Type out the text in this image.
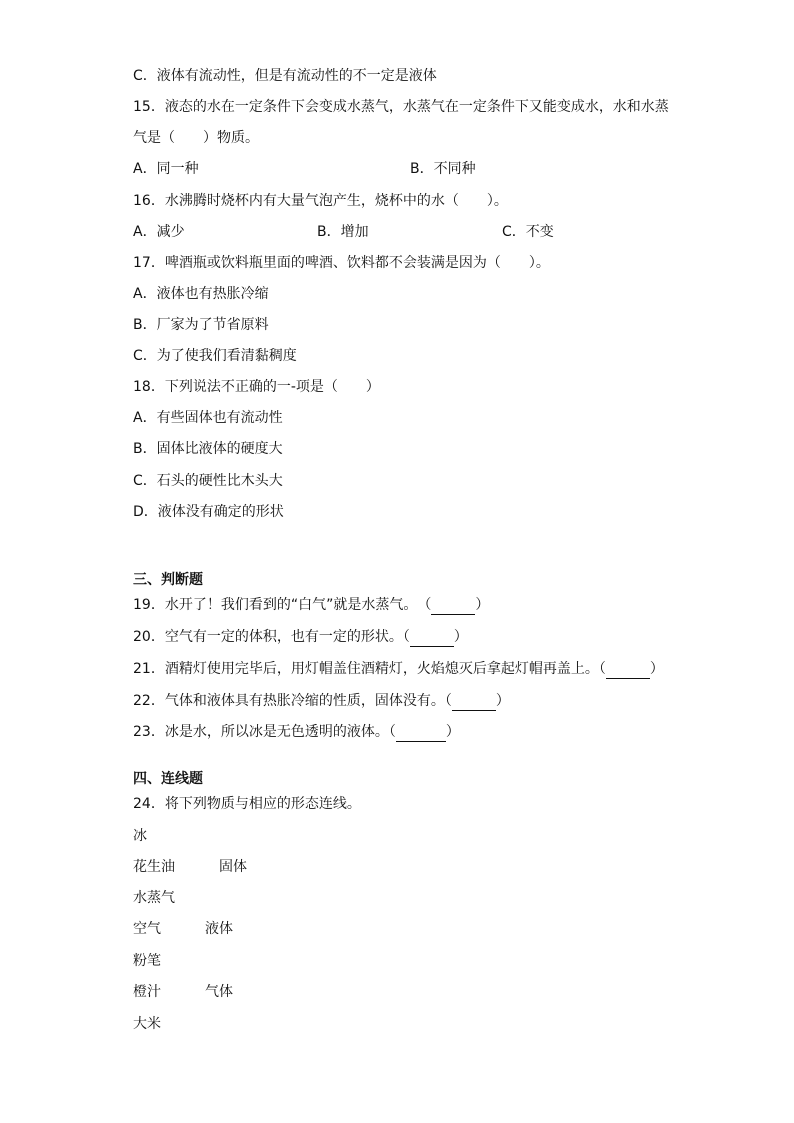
C．液体有流动性，但是有流动性的不一定是液体
15．液态的水在一定条件下会变成水蒸气，水蒸气在一定条件下又能变成水，水和水蒸
气是（　　）物质。
A．同一种	B．不同种
16．水沸腾时烧杯内有大量气泡产生，烧杯中的水（　　）。
A．减少	B．增加	C．不变
17．啤酒瓶或饮料瓶里面的啤酒、饮料都不会装满是因为（　　）。
A．液体也有热胀冷缩
B．厂家为了节省原料
C．为了使我们看清黏稠度
18．下列说法不正确的一-项是（　　）
A．有些固体也有流动性
B．固体比液体的硬度大
C．石头的硬性比木头大
D．液体没有确定的形状
三、判断题
19．水开了！我们看到的“白气”就是水蒸气。　（	）
20．空气有一定的体积，也有一定的形状。（	）
21．酒精灯使用完毕后，用灯帽盖住酒精灯，火焰熄灭后拿起灯帽再盖上。（	）
22．气体和液体具有热胀冷缩的性质，固体没有。（	）
23．冰是水，所以冰是无色透明的液体。（	）
四、连线题
24．将下列物质与相应的形态连线。
冰
花生油	固体
水蒸气
空气	液体
粉笔
橙汁	气体
大米
